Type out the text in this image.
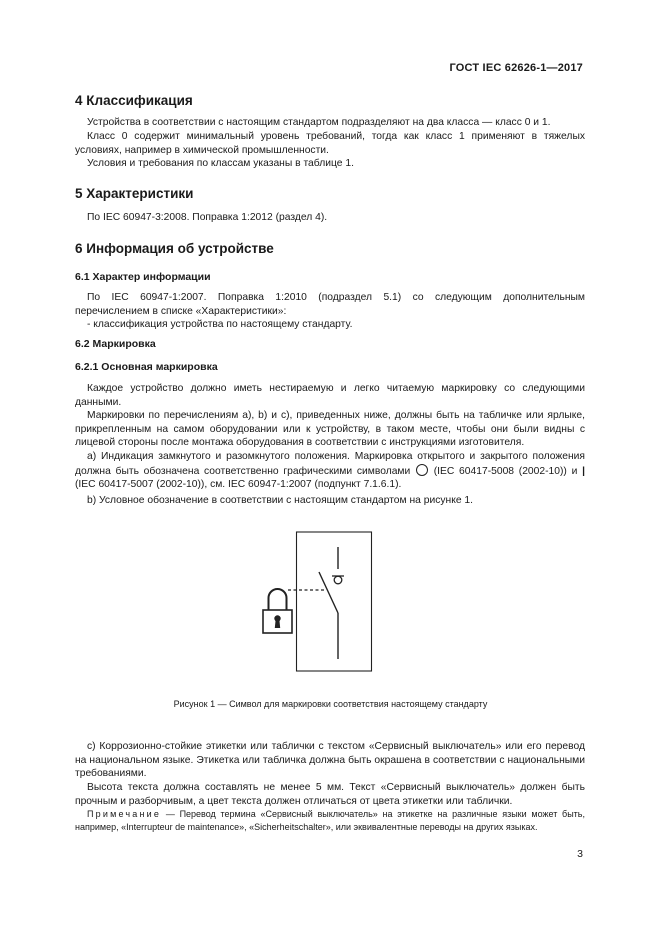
ГОСТ IEC 62626-1—2017
4 Классификация
Устройства в соответствии с настоящим стандартом подразделяют на два класса — класс 0 и 1.
Класс 0 содержит минимальный уровень требований, тогда как класс 1 применяют в тяжелых условиях, например в химической промышленности.
Условия и требования по классам указаны в таблице 1.
5 Характеристики
По IEC 60947-3:2008. Поправка 1:2012 (раздел 4).
6 Информация об устройстве
6.1 Характер информации
По IEC 60947-1:2007. Поправка 1:2010 (подраздел 5.1) со следующим дополнительным перечислением в списке «Характеристики»:
- классификация устройства по настоящему стандарту.
6.2 Маркировка
6.2.1 Основная маркировка
Каждое устройство должно иметь нестираемую и легко читаемую маркировку со следующими данными.
Маркировки по перечислениям а), b) и с), приведенных ниже, должны быть на табличке или ярлыке, прикрепленным на самом оборудовании или к устройству, в таком месте, чтобы они были видны с лицевой стороны после монтажа оборудования в соответствии с инструкциями изготовителя.
а) Индикация замкнутого и разомкнутого положения. Маркировка открытого и закрытого положения должна быть обозначена соответственно графическими символами (IEC 60417-5008 (2002-10)) и | (IEC 60417-5007 (2002-10)), см. IEC 60947-1:2007 (подпункт 7.1.6.1).
b) Условное обозначение в соответствии с настоящим стандартом на рисунке 1.
Рисунок 1 — Символ для маркировки соответствия настоящему стандарту
с) Коррозионно-стойкие этикетки или таблички с текстом «Сервисный выключатель» или его перевод на национальном языке. Этикетка или табличка должна быть окрашена в соответствии с национальными требованиями.
Высота текста должна составлять не менее 5 мм. Текст «Сервисный выключатель» должен быть прочным и разборчивым, а цвет текста должен отличаться от цвета этикетки или таблички.
Примечание — Перевод термина «Сервисный выключатель» на этикетке на различные языки может быть, например, «Interrupteur de maintenance», «Sicherheitschalter», или эквивалентные переводы на других языках.
3
